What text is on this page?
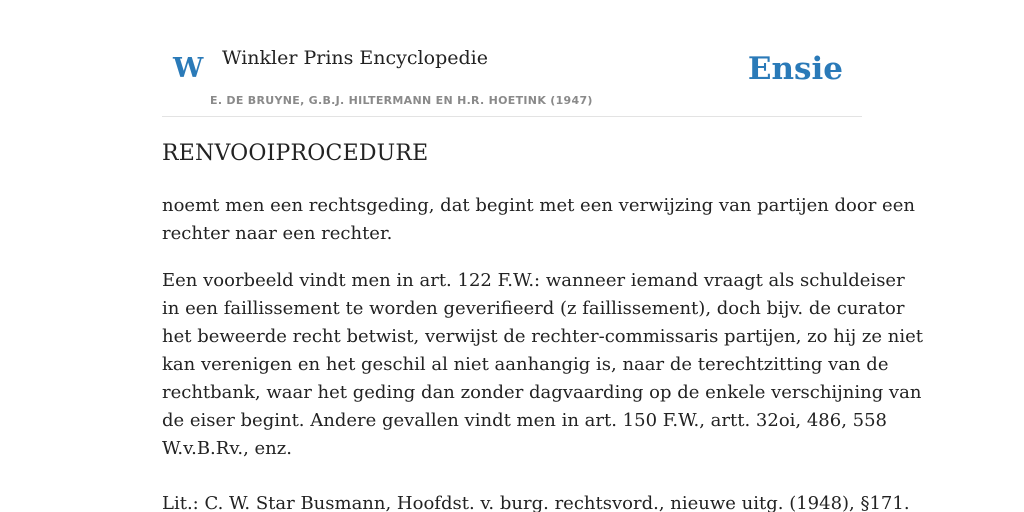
W Winkler Prins Encyclopedie
E. DE BRUYNE, G.B.J. HILTERMANN EN H.R. HOETINK (1947)
Ensie
RENVOOIPROCEDURE

noemt men een rechtsgeding, dat begint met een verwijzing van partijen door een
rechter naar een rechter.

Een voorbeeld vindt men in art. 122 F.W.: wanneer iemand vraagt als schuldeiser
in een faillissement te worden geverifieerd (z faillissement), doch bijv. de curator
het beweerde recht betwist, verwijst de rechter-commissaris partijen, zo hij ze niet
kan verenigen en het geschil al niet aanhangig is, naar de terechtzitting van de
rechtbank, waar het geding dan zonder dagvaarding op de enkele verschijning van
de eiser begint. Andere gevallen vindt men in art. 150 F.W., artt. 32oi, 486, 558
W.v.B.Rv., enz.

Lit.: C. W. Star Busmann, Hoofdst. v. burg. rechtsvord., nieuwe uitg. (1948), §171.
